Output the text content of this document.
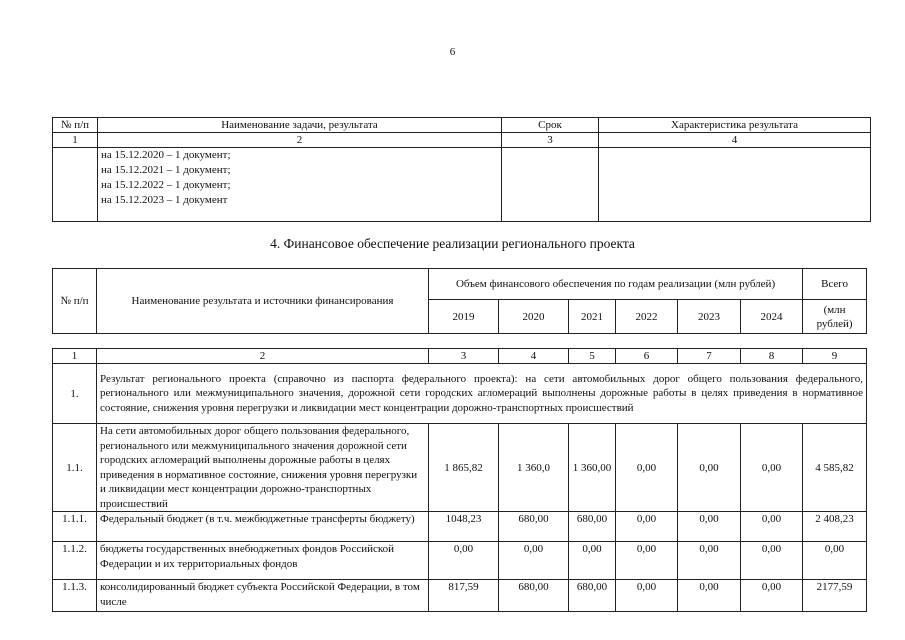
6
№ п/п	Наименование задачи, результата	Срок	Характеристика результата
1	2	3	4

	на 15.12.2020 – 1 документ;
на 15.12.2021 – 1 документ;
на 15.12.2022 – 1 документ;
на 15.12.2023 – 1 документ		

4. Финансовое обеспечение реализации регионального проекта
№ п/п	Наименование результата и источники финансирования	Объем финансового обеспечения по годам реализации (млн рублей)						Всего
		2019	2020	2021	2022	2023	2024	(млн рублей)
1	2	3	4	5	6	7	8	9
1.	Результат регионального проекта (справочно из паспорта федерального проекта): на сети автомобильных дорог общего пользования федерального, регионального или межмуниципального значения, дорожной сети городских агломераций выполнены дорожные работы в целях приведения в нормативное состояние, снижения уровня перегрузки и ликвидации мест концентрации дорожно-транспортных происшествий							
1.1.	На сети автомобильных дорог общего пользования федерального, регионального или межмуниципального значения дорожной сети городских агломераций выполнены дорожные работы в целях приведения в нормативное состояние, снижения уровня перегрузки и ликвидации мест концентрации дорожно-транспортных происшествий	1 865,82	1 360,0	1 360,00	0,00	0,00	0,00	4 585,82
1.1.1.	Федеральный бюджет (в т.ч. межбюджетные трансферты бюджету)	1048,23	680,00	680,00	0,00	0,00	0,00	2 408,23
1.1.2.	бюджеты государственных внебюджетных фондов Российской Федерации и их территориальных фондов	0,00	0,00	0,00	0,00	0,00	0,00	0,00
1.1.3.	консолидированный бюджет субъекта Российской Федерации, в том числе	817,59	680,00	680,00	0,00	0,00	0,00	2177,59
